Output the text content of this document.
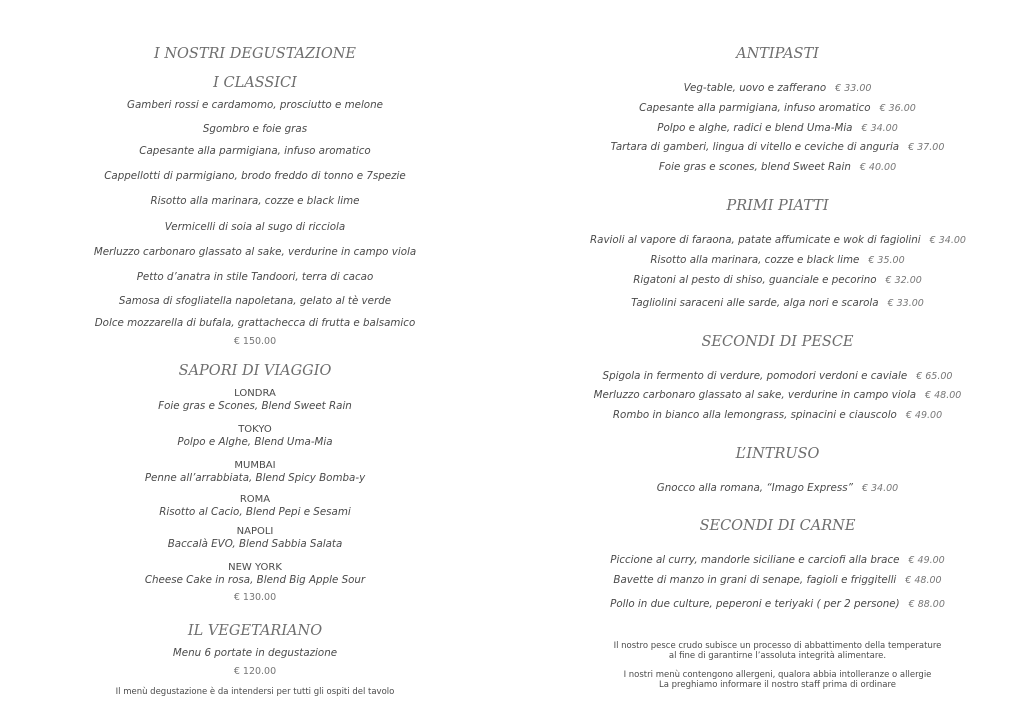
I NOSTRI DEGUSTAZIONE
I CLASSICI
Gamberi rossi e cardamomo, prosciutto e melone
Sgombro e foie gras
Capesante alla parmigiana, infuso aromatico
Cappellotti di parmigiano, brodo freddo di tonno e 7spezie
Risotto alla marinara, cozze e black lime
Vermicelli di soia al sugo di ricciola
Merluzzo carbonaro glassato al sake, verdurine in campo viola
Petto d’anatra in stile Tandoori, terra di cacao
Samosa di sfogliatella napoletana, gelato al tè verde
Dolce mozzarella di bufala, grattachecca di frutta e balsamico
€ 150.00
SAPORI DI VIAGGIO
LONDRA
Foie gras e Scones, Blend Sweet Rain
TOKYO
Polpo e Alghe, Blend Uma-Mia
MUMBAI
Penne all’arrabbiata, Blend Spicy Bomba-y
ROMA
Risotto al Cacio, Blend Pepi e Sesami
NAPOLI
Baccalà EVO, Blend Sabbia Salata
NEW YORK
Cheese Cake in rosa, Blend Big Apple Sour
€ 130.00
IL VEGETARIANO
Menu 6 portate in degustazione
€ 120.00
Il menù degustazione è da intendersi per tutti gli ospiti del tavolo
ANTIPASTI
Veg-table, uovo e zafferano € 33.00
Capesante alla parmigiana, infuso aromatico € 36.00
Polpo e alghe, radici e blend Uma-Mia € 34.00
Tartara di gamberi, lingua di vitello e ceviche di anguria € 37.00
Foie gras e scones, blend Sweet Rain € 40.00
PRIMI PIATTI
Ravioli al vapore di faraona, patate affumicate e wok di fagiolini € 34.00
Risotto alla marinara, cozze e black lime € 35.00
Rigatoni al pesto di shiso, guanciale e pecorino € 32.00
Tagliolini saraceni alle sarde, alga nori e scarola € 33.00
SECONDI DI PESCE
Spigola in fermento di verdure, pomodori verdoni e caviale € 65.00
Merluzzo carbonaro glassato al sake, verdurine in campo viola € 48.00
Rombo in bianco alla lemongrass, spinacini e ciauscolo € 49.00
L’INTRUSO
Gnocco alla romana, “Imago Express” € 34.00
SECONDI DI CARNE
Piccione al curry, mandorle siciliane e carciofi alla brace € 49.00
Bavette di manzo in grani di senape, fagioli e friggitelli € 48.00
Pollo in due culture, peperoni e teriyaki ( per 2 persone) € 88.00
Il nostro pesce crudo subisce un processo di abbattimento della temperature
al fine di garantirne l’assoluta integrità alimentare.
I nostri menù contengono allergeni, qualora abbia intolleranze o allergie
La preghiamo informare il nostro staff prima di ordinare
